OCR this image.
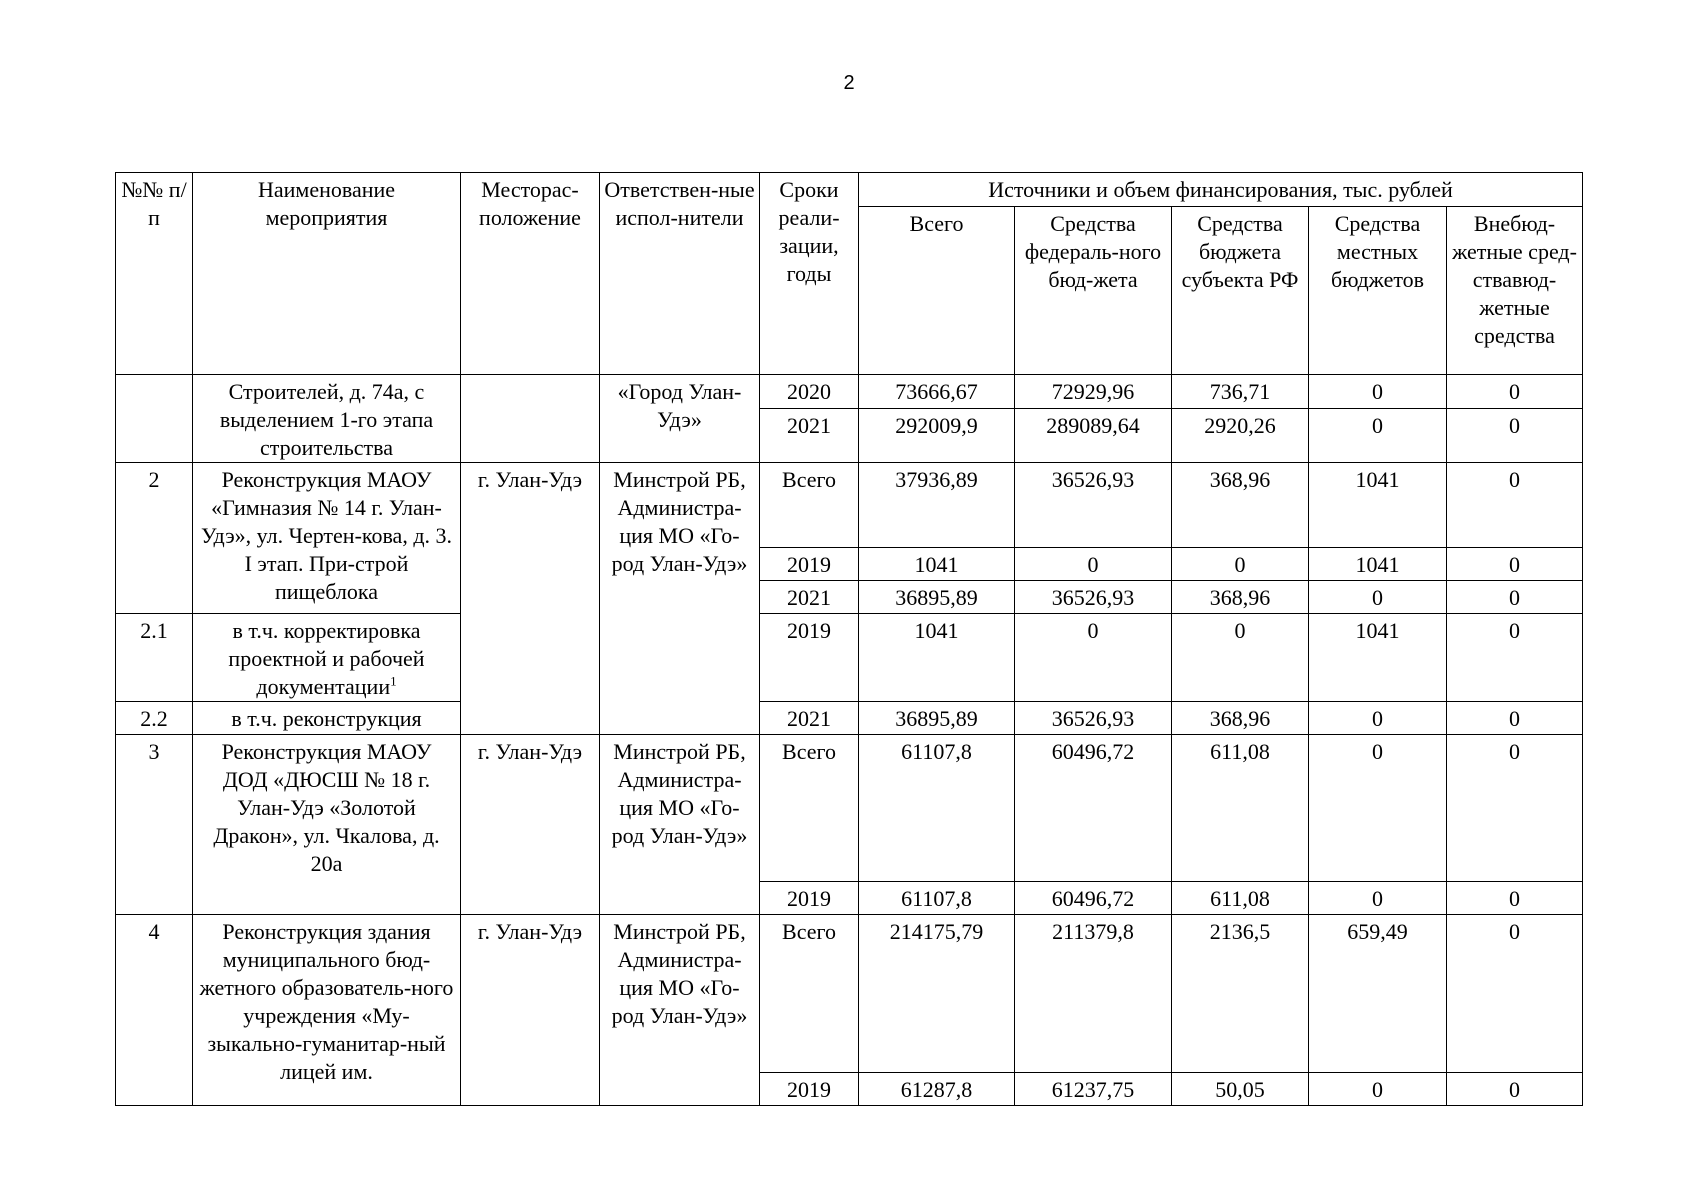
2
№№ п/п	Наименование мероприятия	Месторас-положение	Ответствен-ные испол-нители	Сроки реали-зации, годы	Источники и объем финансирования, тыс. рублей				
					Всего	Средства федераль-ного бюд-жета	Средства бюджета субъекта РФ	Средства местных бюджетов	Внебюд-жетные сред-ствавюд-жетные средства
	Строителей, д. 74а, с выделением 1-го этапа строительства		«Город Улан-Удэ»	2020	73666,67	72929,96	736,71	0	0
				2021	292009,9	289089,64	2920,26	0	0
2	Реконструкция МАОУ «Гимназия № 14 г. Улан-Удэ», ул. Чертен-кова, д. 3. I этап. При-строй пищеблока	г. Улан-Удэ	Минстрой РБ, Администра-ция МО «Го-род Улан-Удэ»	Всего	37936,89	36526,93	368,96	1041	0
				2019	1041	0	0	1041	0
				2021	36895,89	36526,93	368,96	0	0
2.1	в т.ч. корректировка проектной и рабочей документации$^1$			2019	1041	0	0	1041	0
2.2	в т.ч. реконструкция			2021	36895,89	36526,93	368,96	0	0
3	Реконструкция МАОУ ДОД «ДЮСШ № 18 г. Улан-Удэ «Золотой Дракон», ул. Чкалова, д. 20а	г. Улан-Удэ	Минстрой РБ, Администра-ция МО «Го-род Улан-Удэ»	Всего	61107,8	60496,72	611,08	0	0
				2019	61107,8	60496,72	611,08	0	0
4	Реконструкция здания муниципального бюд-жетного образователь-ного учреждения «Му-зыкально-гуманитар-ный лицей им.	г. Улан-Удэ	Минстрой РБ, Администра-ция МО «Го-род Улан-Удэ»	Всего	214175,79	211379,8	2136,5	659,49	0
				2019	61287,8	61237,75	50,05	0	0
